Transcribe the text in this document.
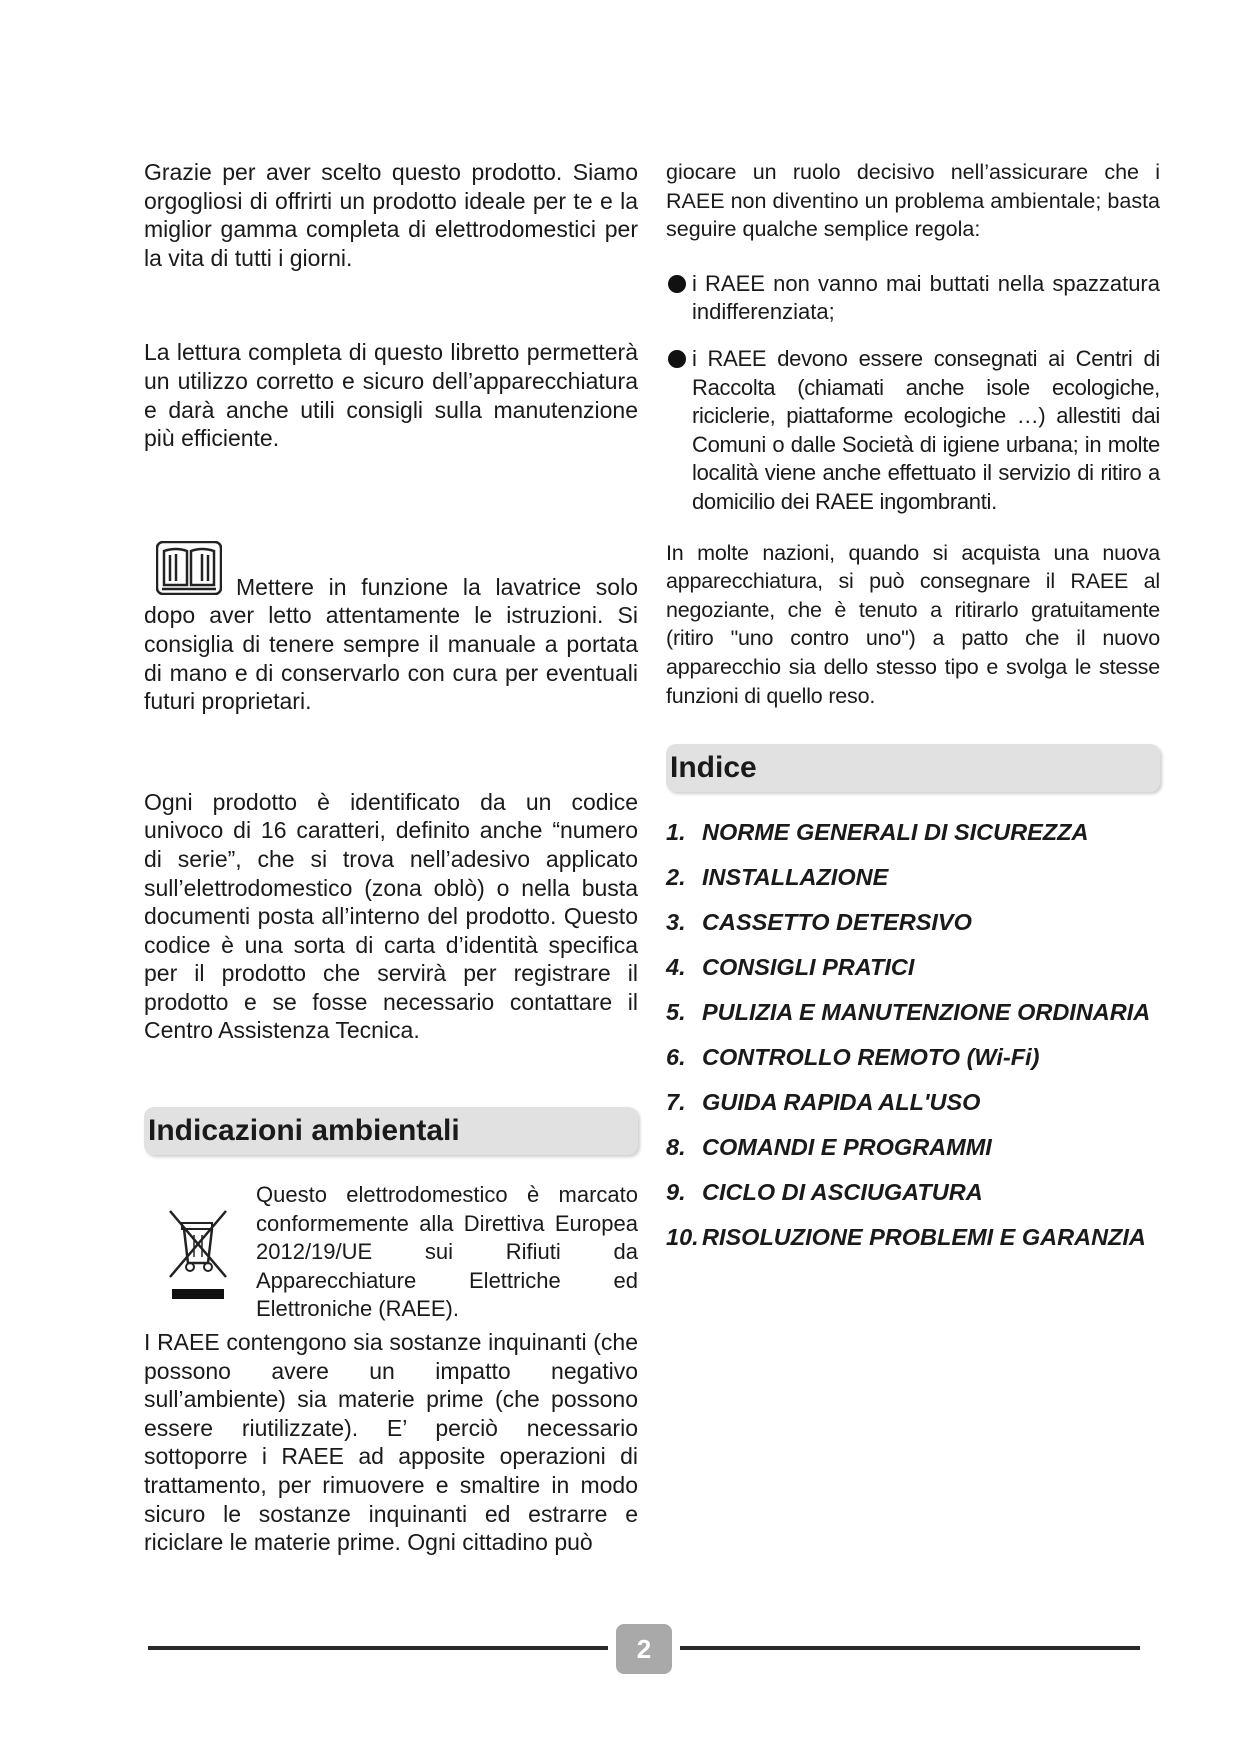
Grazie per aver scelto questo prodotto. Siamo orgogliosi di offrirti un prodotto ideale per te e la miglior gamma completa di elettrodomestici per la vita di tutti i giorni.

La lettura completa di questo libretto permetterà un utilizzo corretto e sicuro dell’apparecchiatura e darà anche utili consigli sulla manutenzione più efficiente.

Mettere in funzione la lavatrice solo dopo aver letto attentamente le istruzioni. Si consiglia di tenere sempre il manuale a portata di mano e di conservarlo con cura per eventuali futuri proprietari.

Ogni prodotto è identificato da un codice univoco di 16 caratteri, definito anche “numero di serie”, che si trova nell’adesivo applicato sull’elettrodomestico (zona oblò) o nella busta documenti posta all’interno del prodotto. Questo codice è una sorta di carta d’identità specifica per il prodotto che servirà per registrare il prodotto e se fosse necessario contattare il Centro Assistenza Tecnica.

Indicazioni ambientali

Questo elettrodomestico è marcato conformemente alla Direttiva Europea 2012/19/UE sui Rifiuti da Apparecchiature Elettriche ed Elettroniche (RAEE).

I RAEE contengono sia sostanze inquinanti (che possono avere un impatto negativo sull’ambiente) sia materie prime (che possono essere riutilizzate). E’ perciò necessario sottoporre i RAEE ad apposite operazioni di trattamento, per rimuovere e smaltire in modo sicuro le sostanze inquinanti ed estrarre e riciclare le materie prime. Ogni cittadino può

giocare un ruolo decisivo nell’assicurare che i RAEE non diventino un problema ambientale; basta seguire qualche semplice regola:

i RAEE non vanno mai buttati nella spazzatura indifferenziata;

i RAEE devono essere consegnati ai Centri di Raccolta (chiamati anche isole ecologiche, riciclerie, piattaforme ecologiche …) allestiti dai Comuni o dalle Società di igiene urbana; in molte località viene anche effettuato il servizio di ritiro a domicilio dei RAEE ingombranti.

In molte nazioni, quando si acquista una nuova apparecchiatura, si può consegnare il RAEE al negoziante, che è tenuto a ritirarlo gratuitamente (ritiro "uno contro uno") a patto che il nuovo apparecchio sia dello stesso tipo e svolga le stesse funzioni di quello reso.

Indice
1. NORME GENERALI DI SICUREZZA
2. INSTALLAZIONE
3. CASSETTO DETERSIVO
4. CONSIGLI PRATICI
5. PULIZIA E MANUTENZIONE ORDINARIA
6. CONTROLLO REMOTO (Wi-Fi)
7. GUIDA RAPIDA ALL'USO
8. COMANDI E PROGRAMMI
9. CICLO DI ASCIUGATURA
10. RISOLUZIONE PROBLEMI E GARANZIA
2
